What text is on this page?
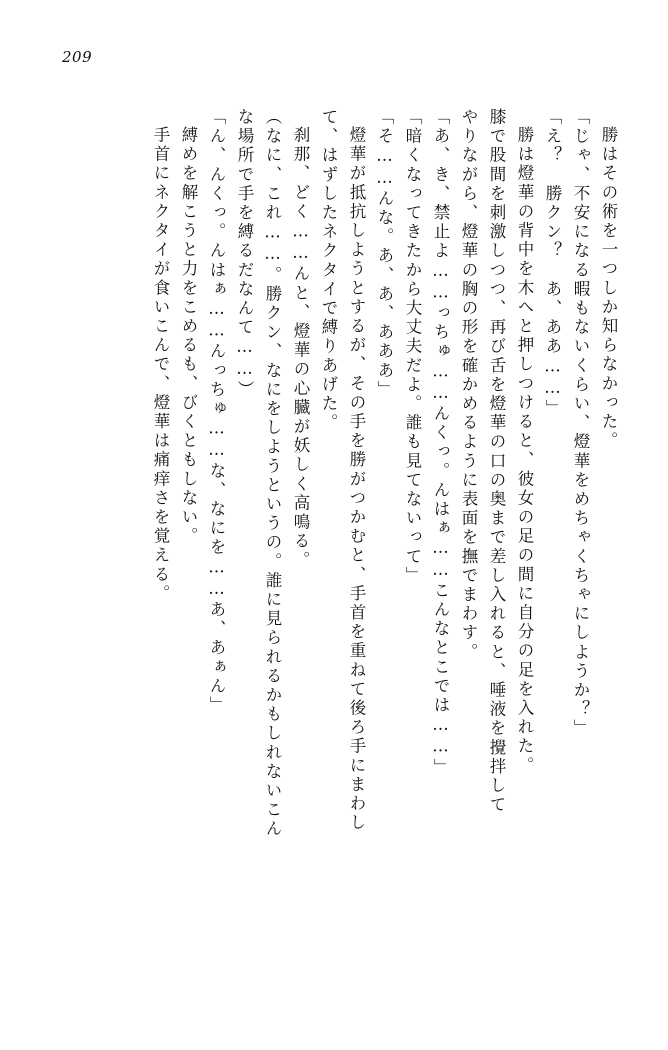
209
勝はその術を一つしか知らなかった。
「じゃ、不安になる暇もないくらい、燈華をめちゃくちゃにしようか？」
「え？　勝クン？　あ、ああ……」
勝は燈華の背中を木へと押しつけると、彼女の足の間に自分の足を入れた。
膝で股間を刺激しつつ、再び舌を燈華の口の奥まで差し入れると、唾液を攪拌して
やりながら、燈華の胸の形を確かめるように表面を撫でまわす。
「あ、き、禁止よ……っちゅ……んくっ。んはぁ……こんなとこでは……」
「暗くなってきたから大丈夫だよ。誰も見てないって」
「そ……んな。あ、あ、あああ」
燈華が抵抗しようとするが、その手を勝がつかむと、手首を重ねて後ろ手にまわし
て、はずしたネクタイで縛りあげた。
刹那、どく……んと、燈華の心臓が妖しく高鳴る。
（なに、これ……。勝クン、なにをしようというの。誰に見られるかもしれないこん
な場所で手を縛るだなんて……）
「ん、んくっ。んはぁ……んっちゅ……な、なにを……あ、あぁん」
縛めを解こうと力をこめるも、びくともしない。
手首にネクタイが食いこんで、燈華は痛痒さを覚える。
